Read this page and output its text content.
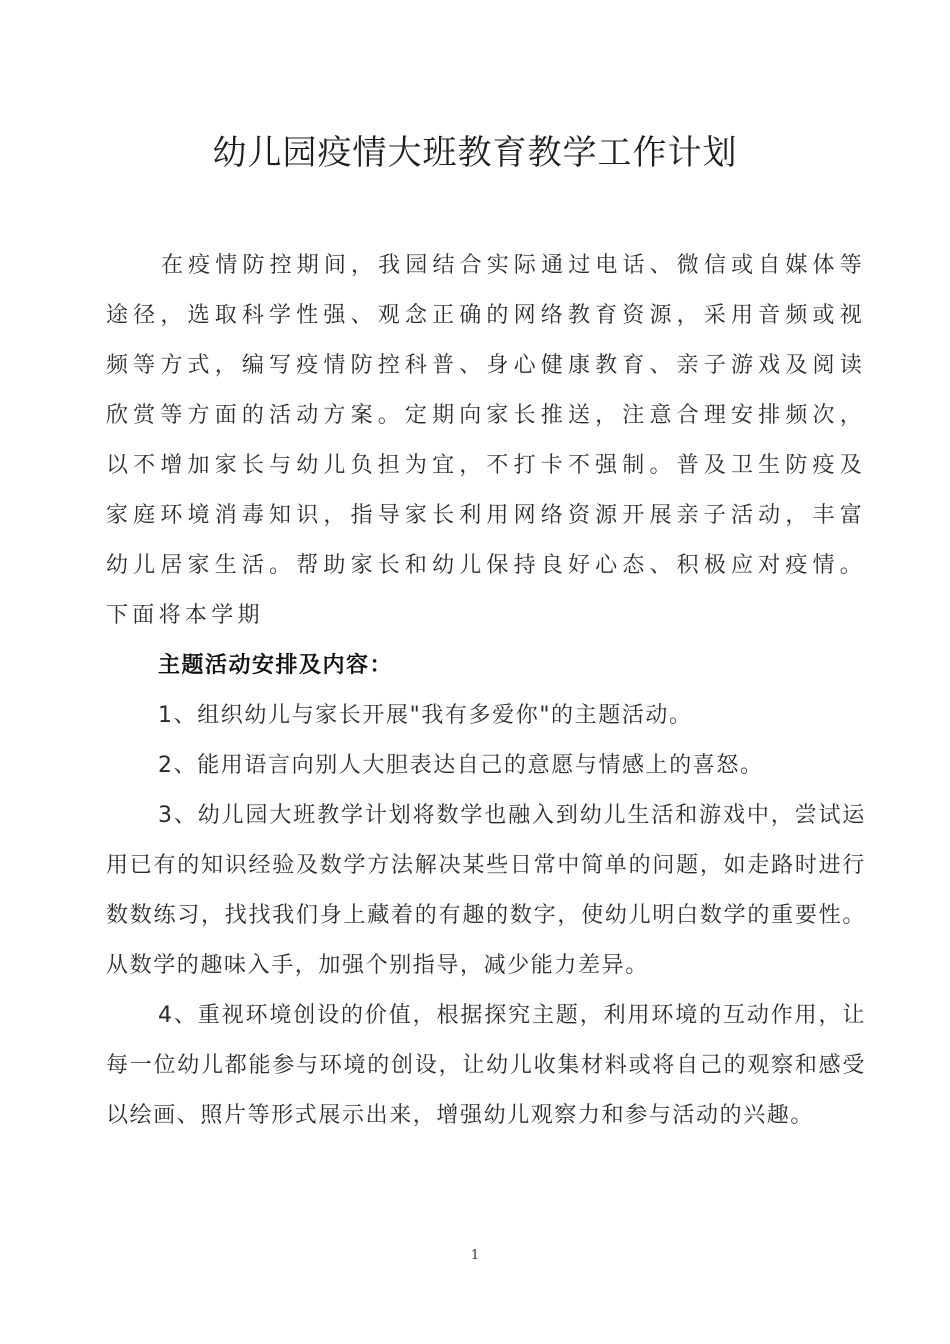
幼儿园疫情大班教育教学工作计划

在疫情防控期间，我园结合实际通过电话、微信或自媒体等途径，选取科学性强、观念正确的网络教育资源，采用音频或视频等方式，编写疫情防控科普、身心健康教育、亲子游戏及阅读欣赏等方面的活动方案。定期向家长推送，注意合理安排频次，以不增加家长与幼儿负担为宜，不打卡不强制。普及卫生防疫及家庭环境消毒知识，指导家长利用网络资源开展亲子活动，丰富幼儿居家生活。帮助家长和幼儿保持良好心态、积极应对疫情。下面将本学期

主题活动安排及内容：

1、组织幼儿与家长开展"我有多爱你"的主题活动。

2、能用语言向别人大胆表达自己的意愿与情感上的喜怒。

3、幼儿园大班教学计划将数学也融入到幼儿生活和游戏中，尝试运用已有的知识经验及数学方法解决某些日常中简单的问题，如走路时进行数数练习，找找我们身上藏着的有趣的数字，使幼儿明白数学的重要性。从数学的趣味入手，加强个别指导，减少能力差异。

4、重视环境创设的价值，根据探究主题，利用环境的互动作用，让每一位幼儿都能参与环境的创设，让幼儿收集材料或将自己的观察和感受以绘画、照片等形式展示出来，增强幼儿观察力和参与活动的兴趣。

1
